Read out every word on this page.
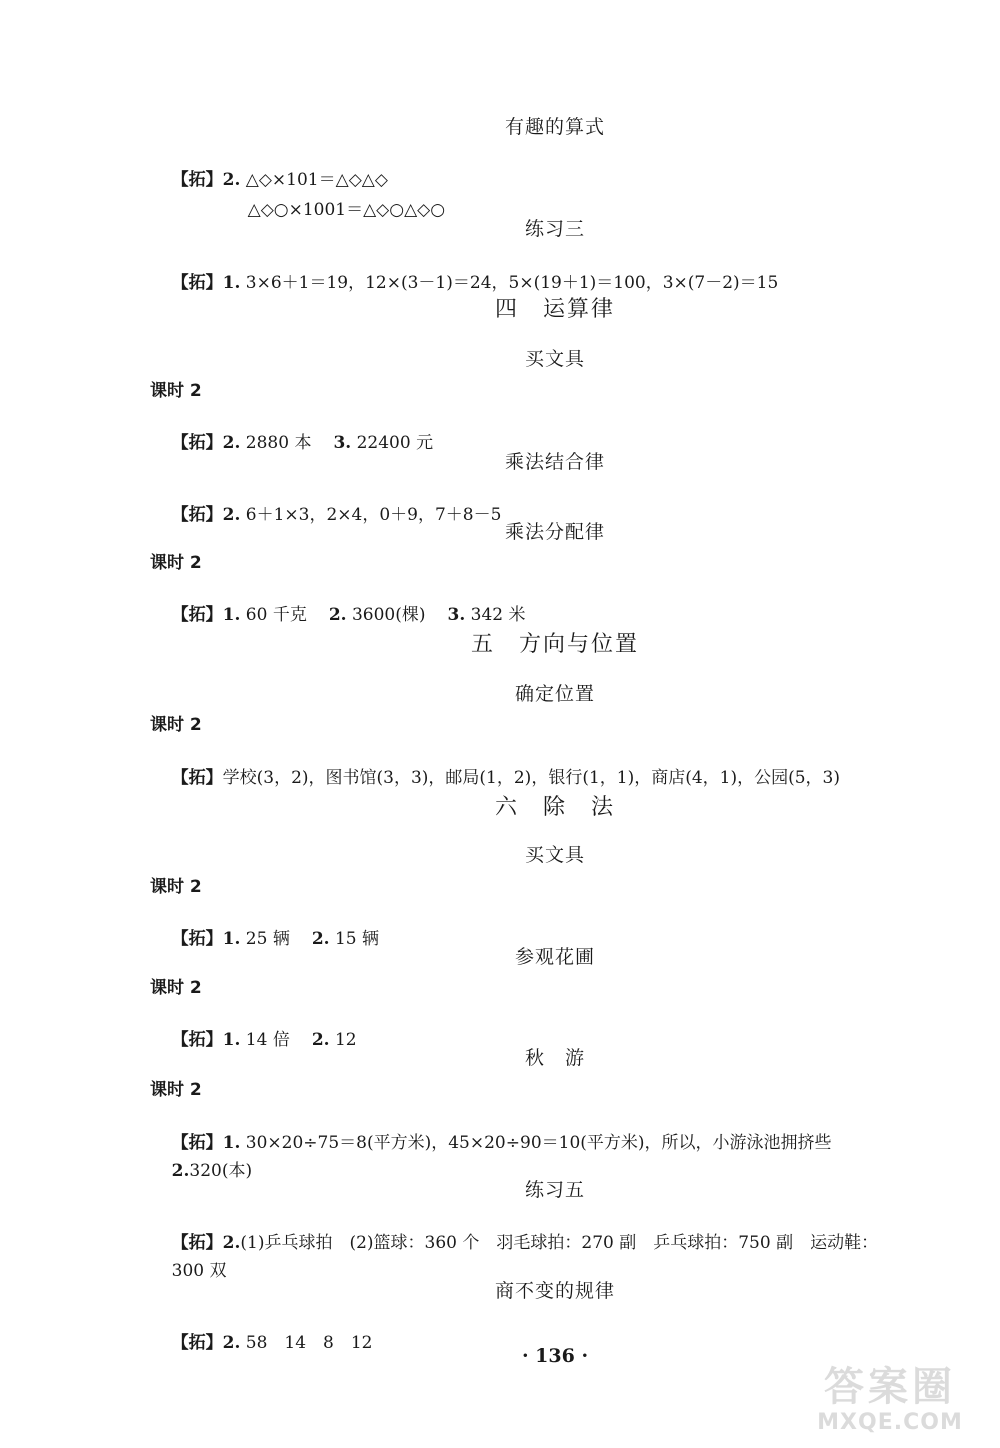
有趣的算式

【拓】2. △◇×101＝△◇△◇

△◇○×1001＝△◇○△◇○

练习三

【拓】1. 3×6＋1＝19，12×(3－1)＝24，5×(19＋1)＝100，3×(7－2)＝15

四　运算律
买文具
课时 2

【拓】2. 2880 本 3. 22400 元

乘法结合律

【拓】2. 6＋1×3，2×4，0＋9，7＋8－5

乘法分配律
课时 2

【拓】1. 60 千克 2. 3600(棵) 3. 342 米

五　方向与位置
确定位置
课时 2

【拓】学校(3，2)，图书馆(3，3)，邮局(1，2)，银行(1，1)，商店(4，1)，公园(5，3)

六　除　法
买文具
课时 2

【拓】1. 25 辆 2. 15 辆

参观花圃
课时 2

【拓】1. 14 倍 2. 12

秋　游
课时 2

【拓】1. 30×20÷75＝8(平方米)，45×20÷90＝10(平方米)，所以，小游泳池拥挤些

2.320(本)

练习五

【拓】2.(1)乒乓球拍　(2)篮球：360 个　羽毛球拍：270 副　乒乓球拍：750 副　运动鞋：

300 双

商不变的规律

【拓】2. 58　14　8　12

· 136 ·
答案圈
MXQE.COM
